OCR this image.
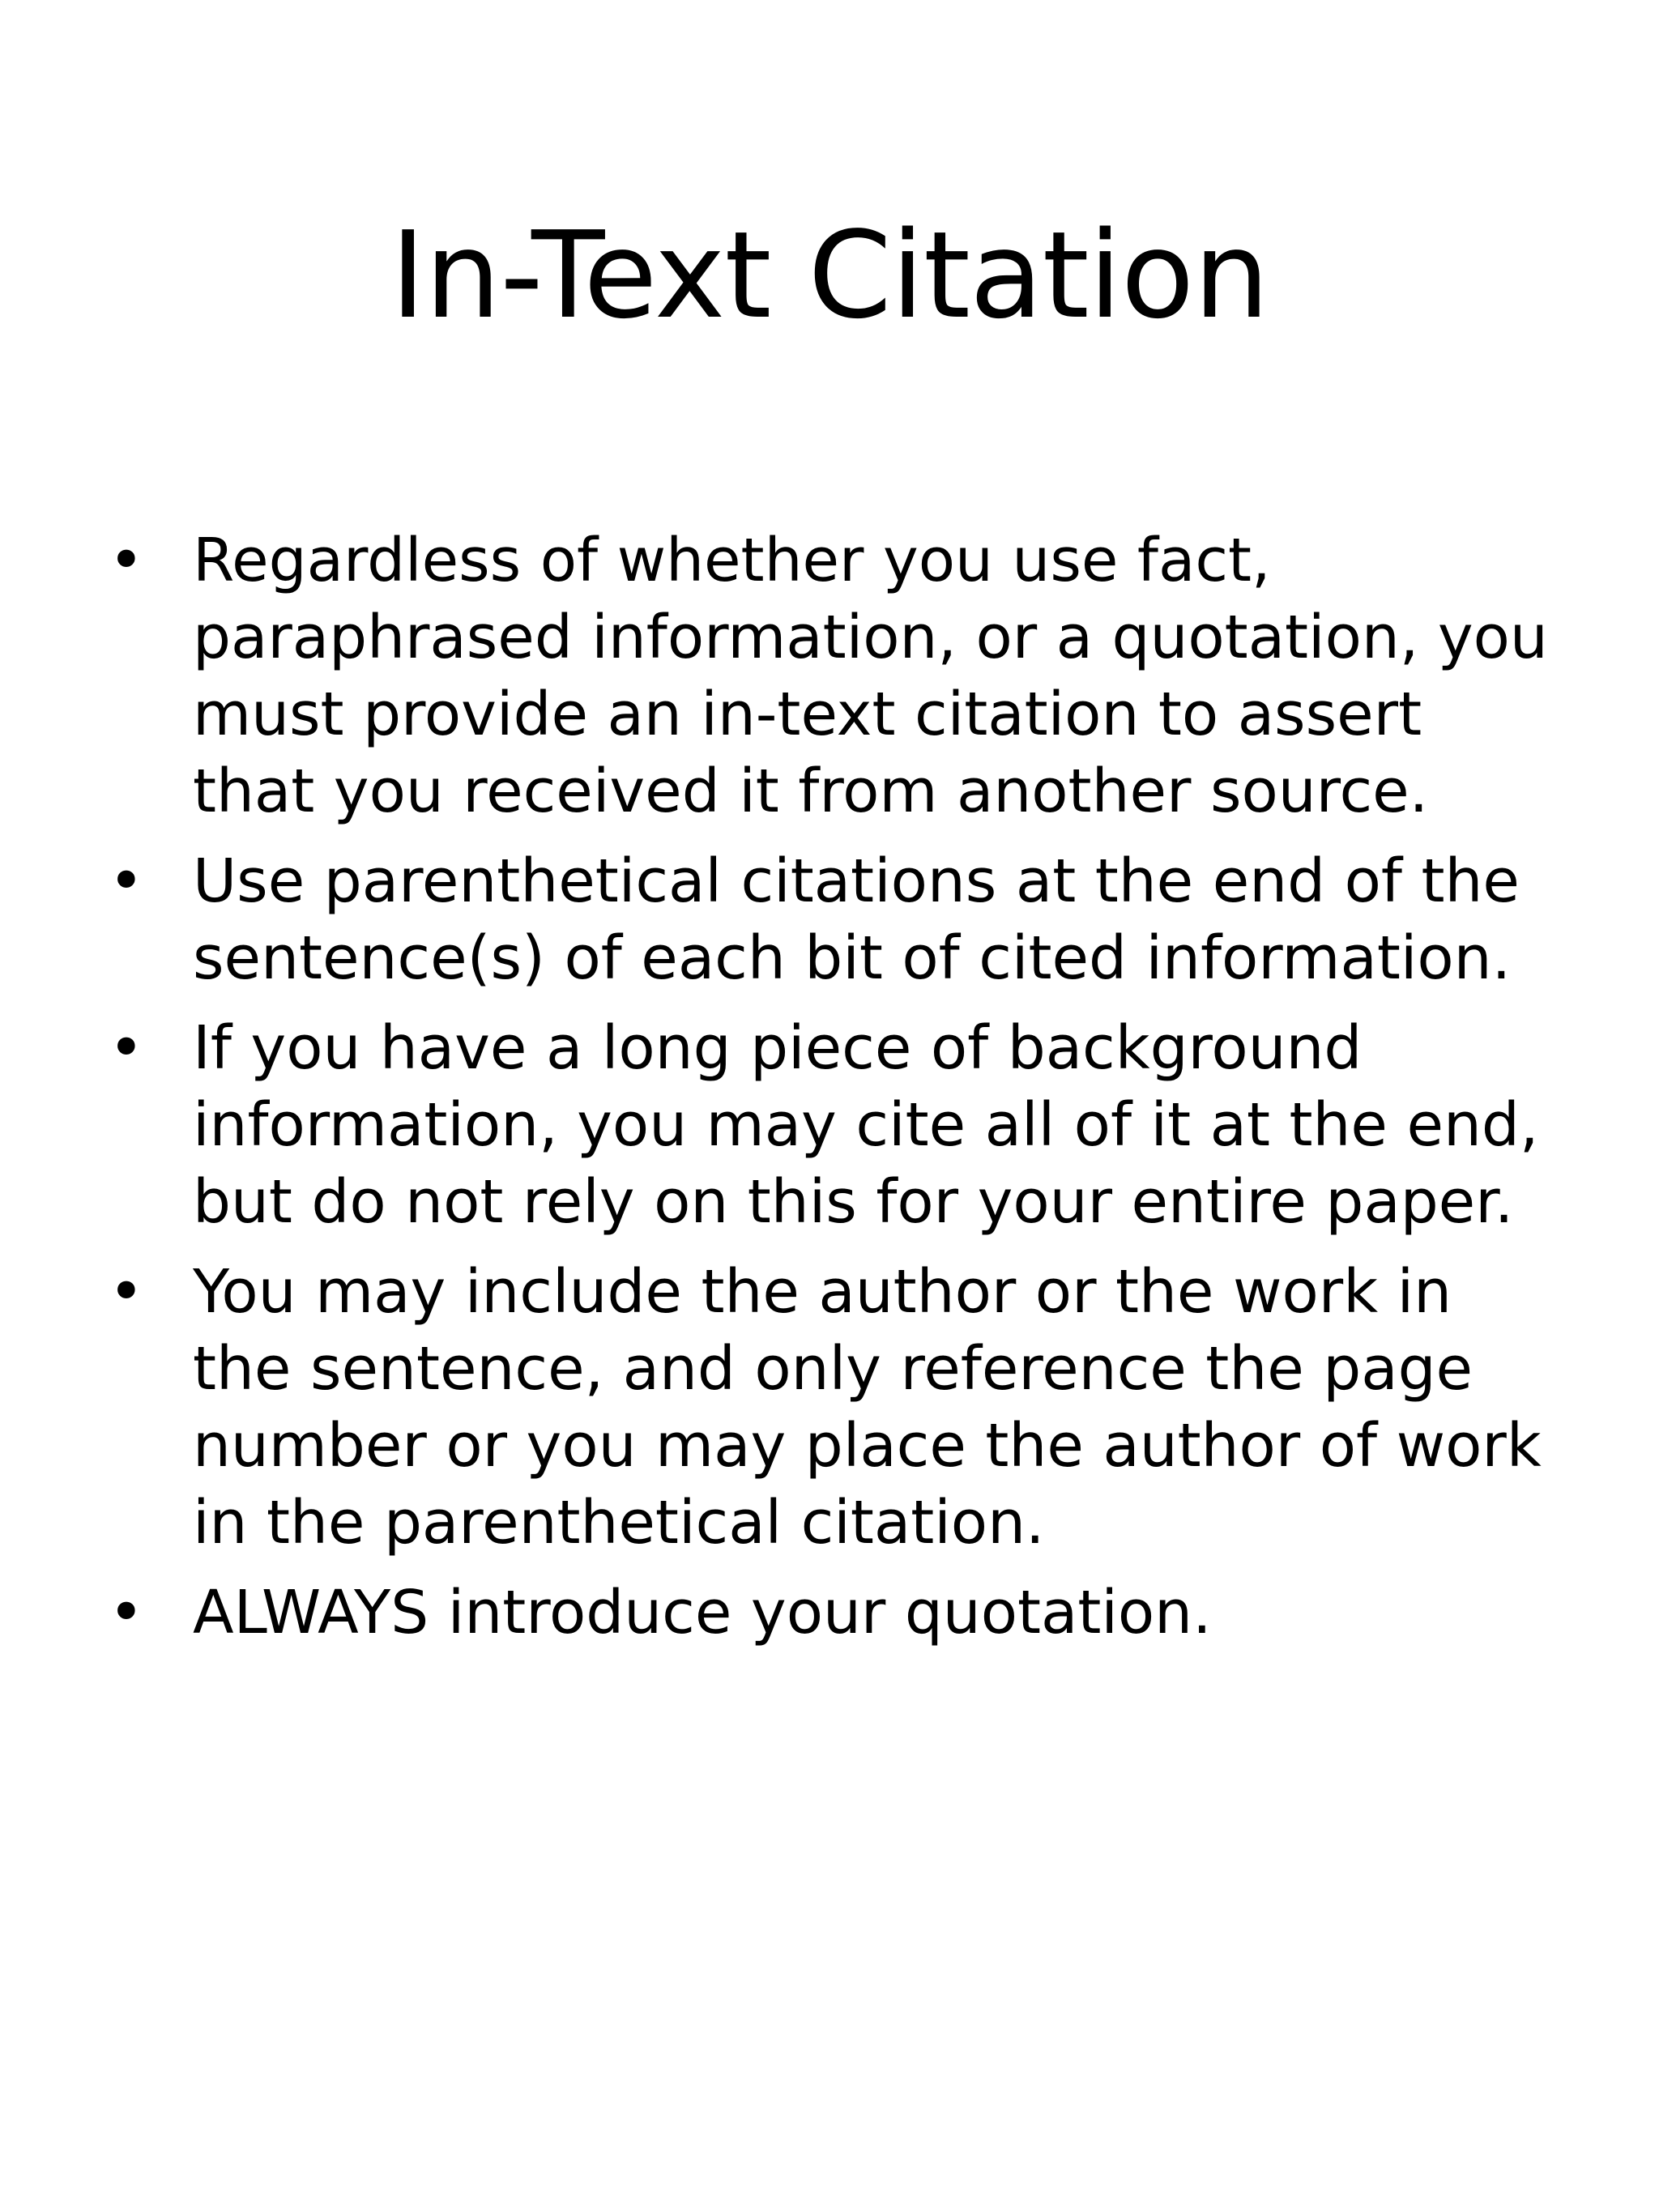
In-Text Citation
• Regardless of whether you use fact, paraphrased information, or a quotation, you must provide an in-text citation to assert that you received it from another source.
• Use parenthetical citations at the end of the sentence(s) of each bit of cited information.
• If you have a long piece of background information, you may cite all of it at the end, but do not rely on this for your entire paper.
• You may include the author or the work in the sentence, and only reference the page number or you may place the author of work in the parenthetical citation.
• ALWAYS introduce your quotation.
